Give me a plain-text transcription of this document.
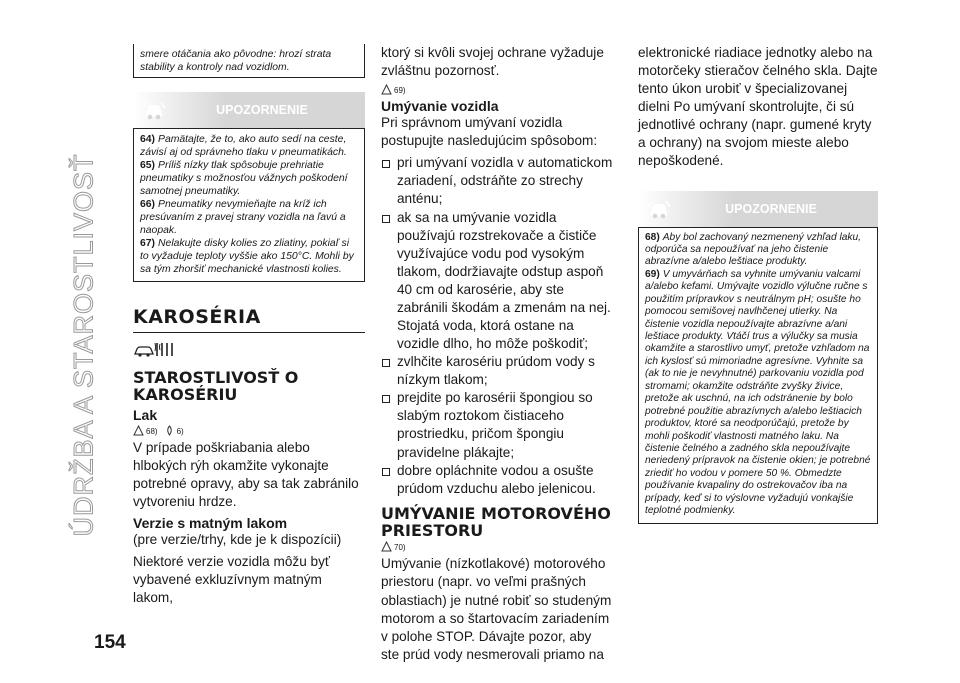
ÚDRŽBA A STAROSTLIVOSŤ
154
smere otáčania ako pôvodne: hrozí strata stability a kontroly nad vozidlom.
UPOZORNENIE

64) Pamätajte, že to, ako auto sedí na ceste, závisí aj od správneho tlaku v pneumatikách.

65) Príliš nízky tlak spôsobuje prehriatie pneumatiky s možnosťou vážnych poškodení samotnej pneumatiky.

66) Pneumatiky nevymieňajte na kríž ich presúvaním z pravej strany vozidla na ľavú a naopak.

67) Nelakujte disky kolies zo zliatiny, pokiaľ si to vyžaduje teploty vyššie ako 150°C. Mohli by sa tým zhoršiť mechanické vlastnosti kolies.

KAROSÉRIA
STAROSTLIVOSŤ O KAROSÉRIU
Lak
68) 6)

V prípade poškriabania alebo hlbokých rýh okamžite vykonajte potrebné opravy, aby sa tak zabránilo vytvoreniu hrdze.

Verzie s matným lakom

(pre verzie/trhy, kde je k dispozícii)

Niektoré verzie vozidla môžu byť vybavené exkluzívnym matným lakom,

ktorý si kvôli svojej ochrane vyžaduje zvláštnu pozornosť.

69)
Umývanie vozidla

Pri správnom umývaní vozidla postupujte nasledujúcim spôsobom:

pri umývaní vozidla v automatickom zariadení, odstráňte zo strechy anténu;
ak sa na umývanie vozidla používajú rozstrekovače a čističe využívajúce vodu pod vysokým tlakom, dodržiavajte odstup aspoň 40 cm od karosérie, aby ste zabránili škodám a zmenám na nej. Stojatá voda, ktorá ostane na vozidle dlho, ho môže poškodiť;
zvlhčite karosériu prúdom vody s nízkym tlakom;
prejdite po karosérii špongiou so slabým roztokom čistiaceho prostriedku, pričom špongiu pravidelne plákajte;
dobre opláchnite vodou a osušte prúdom vzduchu alebo jelenicou.
UMÝVANIE MOTOROVÉHO PRIESTORU
70)

Umývanie (nízkotlakové) motorového priestoru (napr. vo veľmi prašných oblastiach) je nutné robiť so studeným motorom a so štartovacím zariadením v polohe STOP. Dávajte pozor, aby ste prúd vody nesmerovali priamo na

elektronické riadiace jednotky alebo na motorčeky stieračov čelného skla. Dajte tento úkon urobiť v špecializovanej dielni Po umývaní skontrolujte, či sú jednotlivé ochrany (napr. gumené kryty a ochrany) na svojom mieste alebo nepoškodené.

UPOZORNENIE

68) Aby bol zachovaný nezmenený vzhľad laku, odporúča sa nepoužívať na jeho čistenie abrazívne a/alebo leštiace produkty.

69) V umyvárňach sa vyhnite umývaniu valcami a/alebo kefami. Umývajte vozidlo výlučne ručne s použitím prípravkov s neutrálnym pH; osušte ho pomocou semišovej navlhčenej utierky. Na čistenie vozidla nepoužívajte abrazívne a/ani leštiace produkty. Vtáčí trus a výlučky sa musia okamžite a starostlivo umyť, pretože vzhľadom na ich kyslosť sú mimoriadne agresívne. Vyhnite sa (ak to nie je nevyhnutné) parkovaniu vozidla pod stromami; okamžite odstráňte zvyšky živice, pretože ak uschnú, na ich odstránenie by bolo potrebné použitie abrazívnych a/alebo leštiacich produktov, ktoré sa neodporúčajú, pretože by mohli poškodiť vlastnosti matného laku. Na čistenie čelného a zadného skla nepoužívajte neriedený prípravok na čistenie okien; je potrebné zriediť ho vodou v pomere 50 %. Obmedzte používanie kvapaliny do ostrekovačov iba na prípady, keď si to výslovne vyžadujú vonkajšie teplotné podmienky.
